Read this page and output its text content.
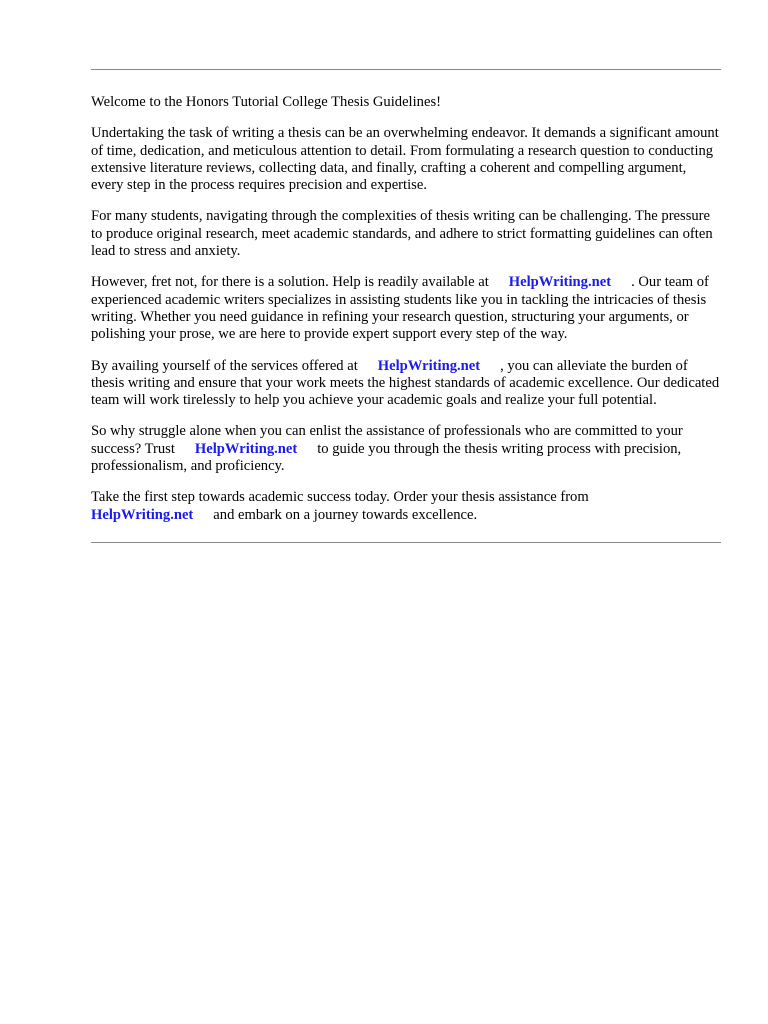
Welcome to the Honors Tutorial College Thesis Guidelines!

Undertaking the task of writing a thesis can be an overwhelming endeavor. It demands a significant amount of time, dedication, and meticulous attention to detail. From formulating a research question to conducting extensive literature reviews, collecting data, and finally, crafting a coherent and compelling argument, every step in the process requires precision and expertise.

For many students, navigating through the complexities of thesis writing can be challenging. The pressure to produce original research, meet academic standards, and adhere to strict formatting guidelines can often lead to stress and anxiety.

However, fret not, for there is a solution. Help is readily available at HelpWriting.net . Our team of experienced academic writers specializes in assisting students like you in tackling the intricacies of thesis writing. Whether you need guidance in refining your research question, structuring your arguments, or polishing your prose, we are here to provide expert support every step of the way.

By availing yourself of the services offered at HelpWriting.net , you can alleviate the burden of thesis writing and ensure that your work meets the highest standards of academic excellence. Our dedicated team will work tirelessly to help you achieve your academic goals and realize your full potential.

So why struggle alone when you can enlist the assistance of professionals who are committed to your success? Trust HelpWriting.net to guide you through the thesis writing process with precision, professionalism, and proficiency.

Take the first step towards academic success today. Order your thesis assistance from HelpWriting.net and embark on a journey towards excellence.
